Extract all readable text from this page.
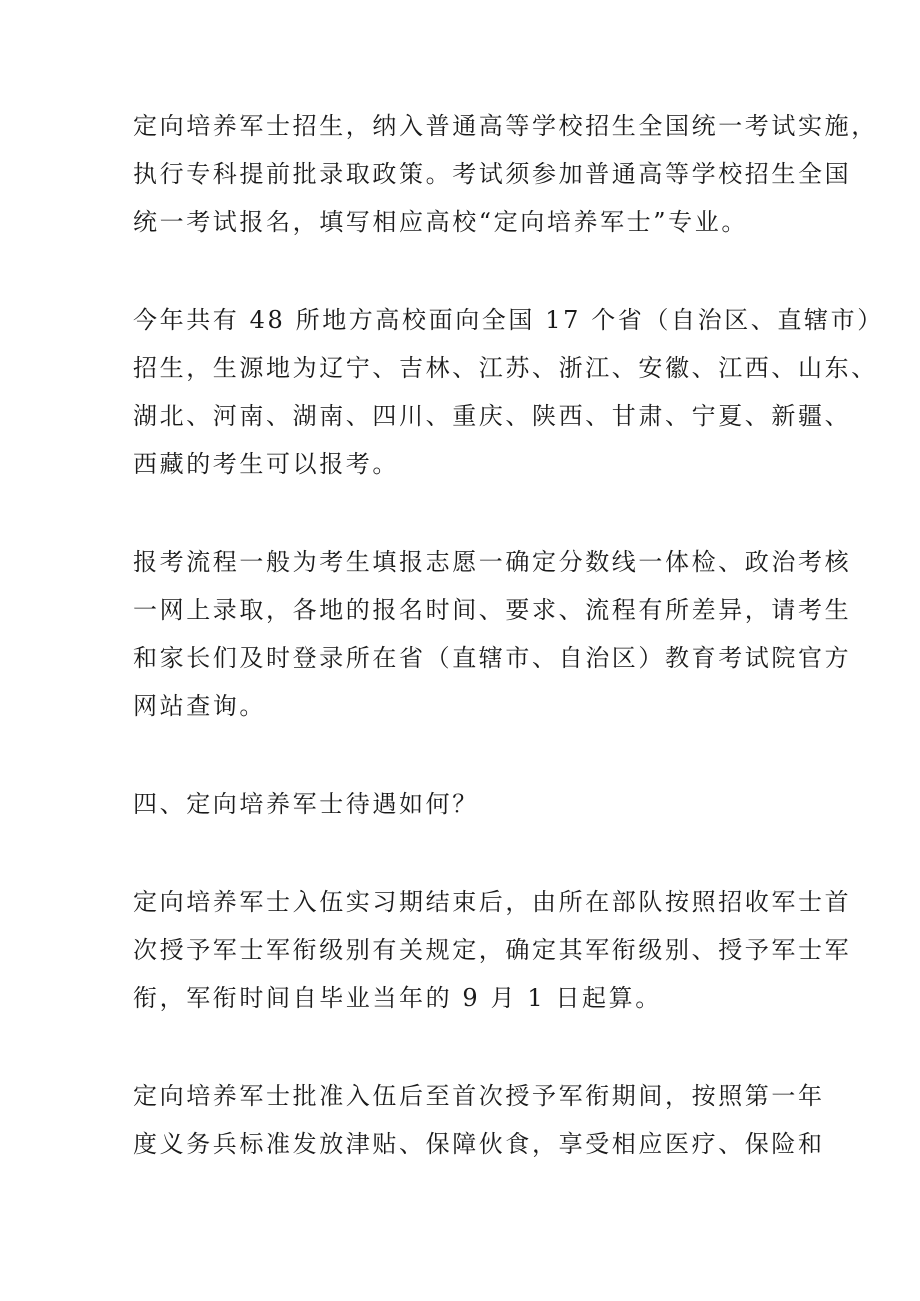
定向培养军士招生，纳入普通高等学校招生全国统一考试实施，
执行专科提前批录取政策。考试须参加普通高等学校招生全国
统一考试报名，填写相应高校“定向培养军士”专业。
今年共有 48 所地方高校面向全国 17 个省（自治区、直辖市）
招生，生源地为辽宁、吉林、江苏、浙江、安徽、江西、山东、
湖北、河南、湖南、四川、重庆、陕西、甘肃、宁夏、新疆、
西藏的考生可以报考。
报考流程一般为考生填报志愿一确定分数线一体检、政治考核
一网上录取，各地的报名时间、要求、流程有所差异，请考生
和家长们及时登录所在省（直辖市、自治区）教育考试院官方
网站查询。
四、定向培养军士待遇如何？
定向培养军士入伍实习期结束后，由所在部队按照招收军士首
次授予军士军衔级别有关规定，确定其军衔级别、授予军士军
衔，军衔时间自毕业当年的 9 月 1 日起算。
定向培养军士批准入伍后至首次授予军衔期间，按照第一年
度义务兵标准发放津贴、保障伙食，享受相应医疗、保险和
